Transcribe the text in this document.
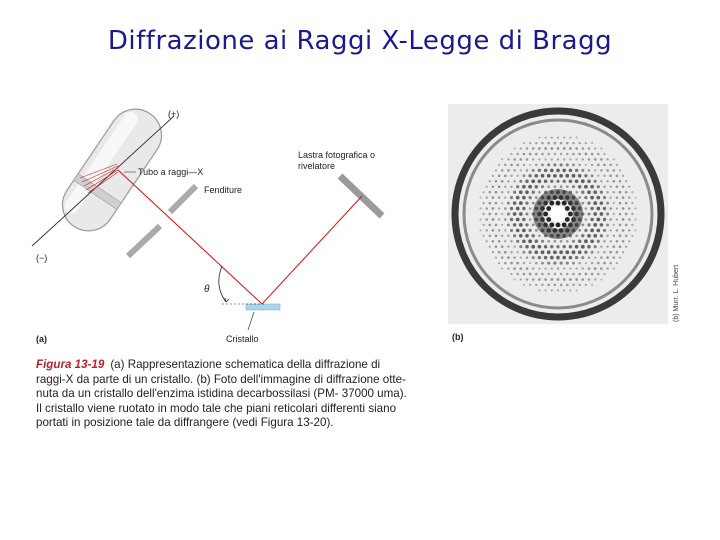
Diffrazione ai Raggi X-Legge di Bragg
(+)
(−)
Tubo a raggi—X
Fenditure
Lastra fotografica o
rivelatore
θ
Cristallo
(a)	(b)
(b) Murr. L. Hubert
Figura 13-19 (a) Rappresentazione schematica della diffrazione di
raggi-X da parte di un cristallo. (b) Foto dell'immagine di diffrazione otte-
nuta da un cristallo dell'enzima istidina decarbossilasi (PM- 37000 uma).
Il cristallo viene ruotato in modo tale che piani reticolari differenti siano
portati in posizione tale da diffrangere (vedi Figura 13-20).
